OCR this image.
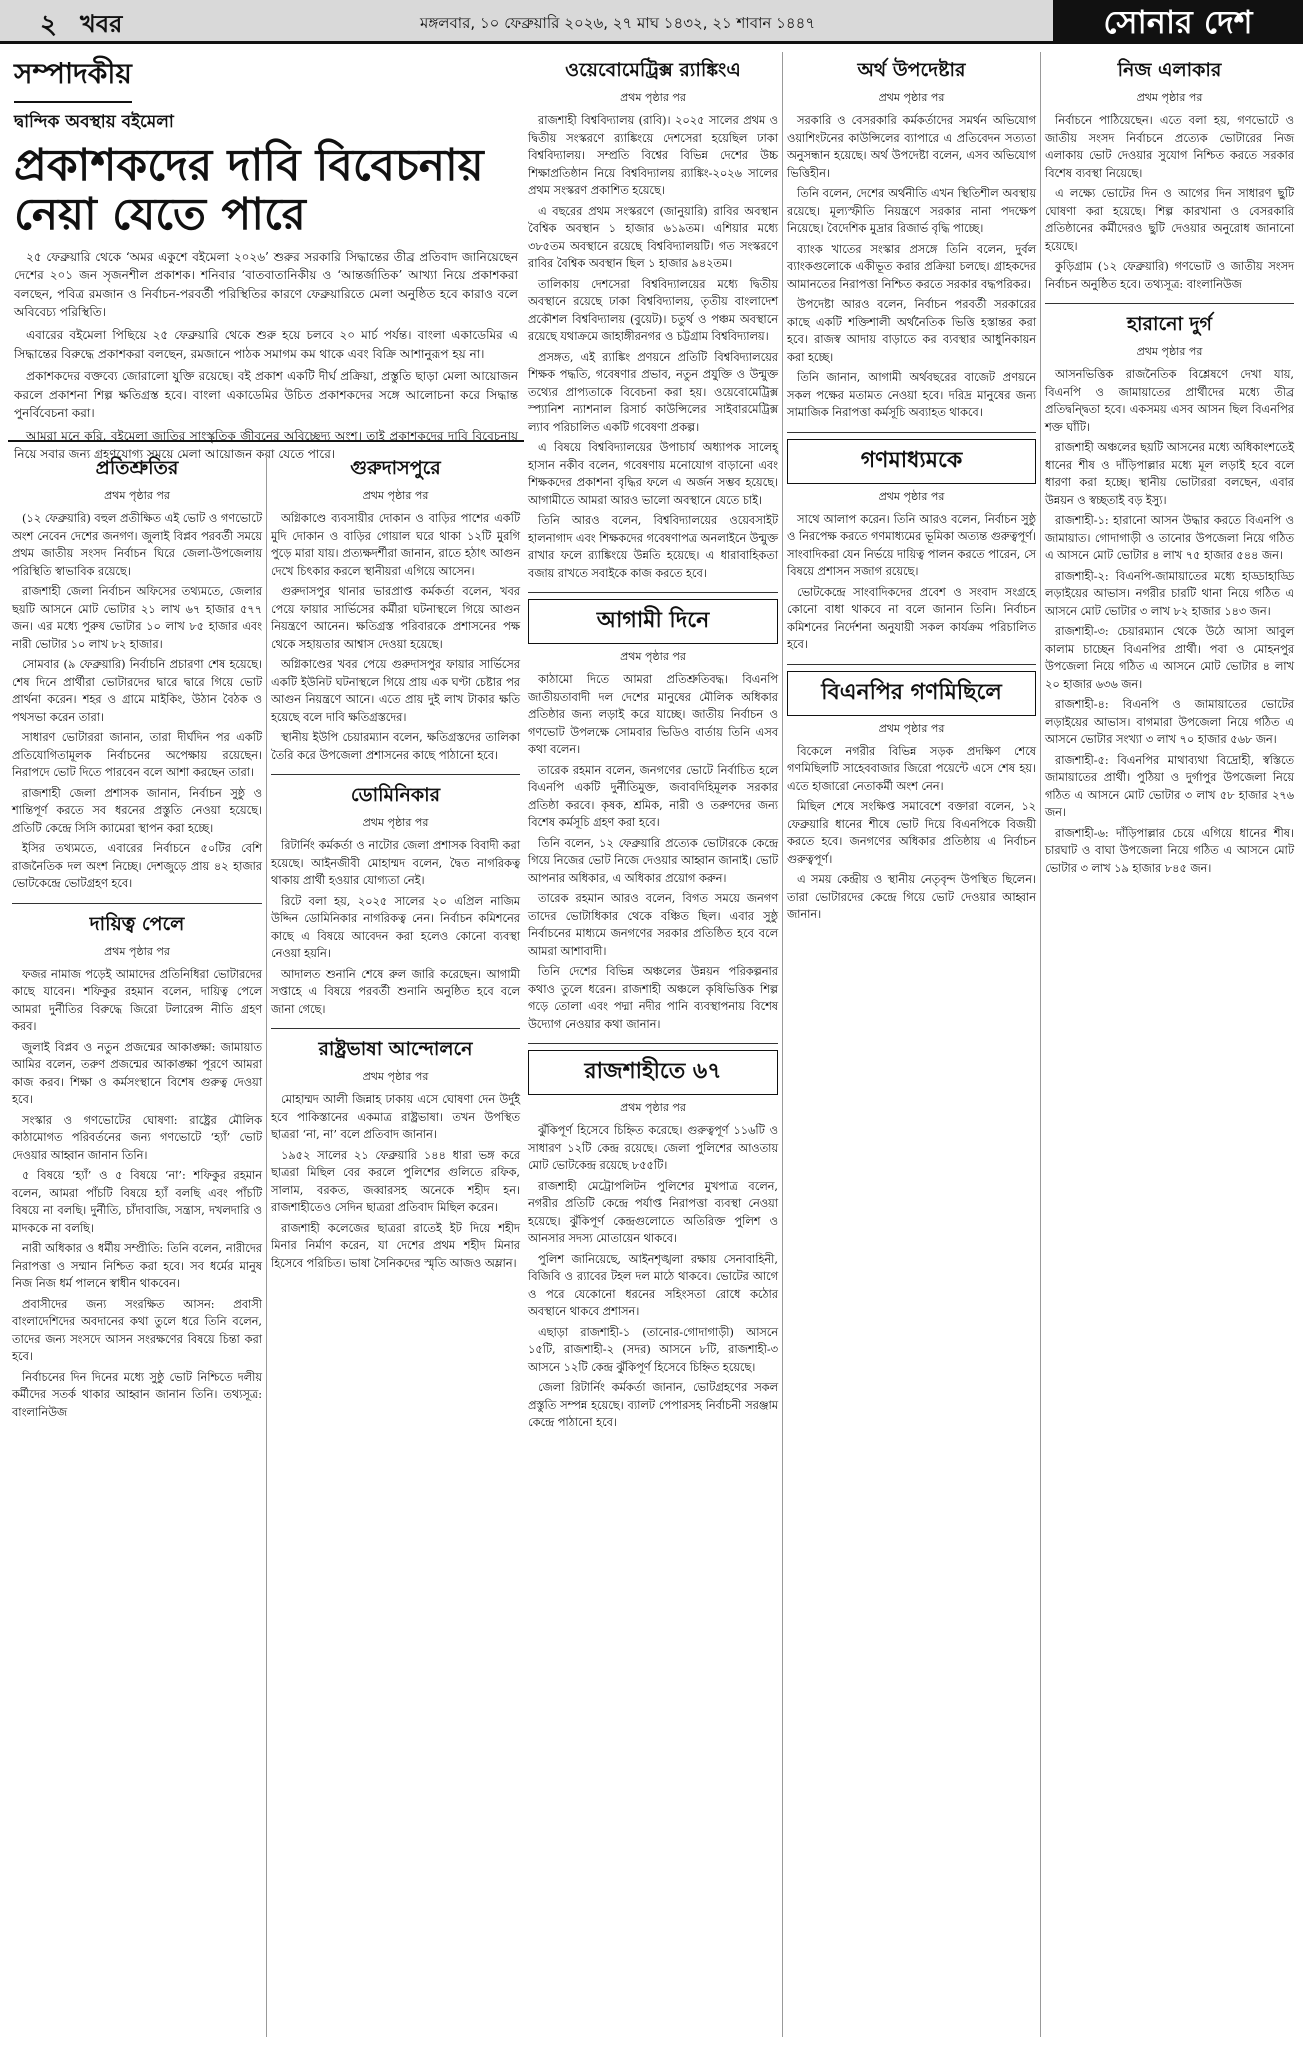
২ খবর	মঙ্গলবার, ১০ ফেব্রুয়ারি ২০২৬, ২৭ মাঘ ১৪৩২, ২১ শাবান ১৪৪৭	সোনার দেশ
সম্পাদকীয়
দ্বান্দিক অবস্থায় বইমেলা
প্রকাশকদের দাবি বিবেচনায় নেয়া যেতে পারে

২৫ ফেব্রুয়ারি থেকে ‘অমর একুশে বইমেলা ২০২৬’ শুরুর সরকারি সিদ্ধান্তের তীব্র প্রতিবাদ জানিয়েছেন দেশের ২০১ জন সৃজনশীল প্রকাশক। শনিবার ‘বাতবাতানিকীয় ও ‘আন্তর্জাতিক’ আখ্যা নিয়ে প্রকাশকরা বলছেন, পবিত্র রমজান ও নির্বাচন-পরবর্তী পরিস্থিতির কারণে ফেব্রুয়ারিতে মেলা অনুষ্ঠিত হবে কারাও বলে অবিবেচ্য পরিস্থিতি।

এবারের বইমেলা পিছিয়ে ২৫ ফেব্রুয়ারি থেকে শুরু হয়ে চলবে ২০ মার্চ পর্যন্ত। বাংলা একাডেমির এ সিদ্ধান্তের বিরুদ্ধে প্রকাশকরা বলছেন, রমজানে পাঠক সমাগম কম থাকে এবং বিক্রি আশানুরূপ হয় না।

প্রকাশকদের বক্তব্যে জোরালো যুক্তি রয়েছে। বই প্রকাশ একটি দীর্ঘ প্রক্রিয়া, প্রস্তুতি ছাড়া মেলা আয়োজন করলে প্রকাশনা শিল্প ক্ষতিগ্রস্ত হবে। বাংলা একাডেমির উচিত প্রকাশকদের সঙ্গে আলোচনা করে সিদ্ধান্ত পুনর্বিবেচনা করা।

আমরা মনে করি, বইমেলা জাতির সাংস্কৃতিক জীবনের অবিচ্ছেদ্য অংশ। তাই প্রকাশকদের দাবি বিবেচনায় নিয়ে সবার জন্য গ্রহণযোগ্য সময়ে মেলা আয়োজন করা যেতে পারে।

প্রতিশ্রুতির
প্রথম পৃষ্ঠার পর

(১২ ফেব্রুয়ারি) বহুল প্রতীক্ষিত এই ভোট ও গণভোটে অংশ নেবেন দেশের জনগণ। জুলাই বিপ্লব পরবর্তী সময়ে প্রথম জাতীয় সংসদ নির্বাচন ঘিরে জেলা-উপজেলায় পরিস্থিতি স্বাভাবিক রয়েছে।

রাজশাহী জেলা নির্বাচন অফিসের তথ্যমতে, জেলার ছয়টি আসনে মোট ভোটার ২১ লাখ ৬৭ হাজার ৫৭৭ জন। এর মধ্যে পুরুষ ভোটার ১০ লাখ ৮৫ হাজার এবং নারী ভোটার ১০ লাখ ৮২ হাজার।

সোমবার (৯ ফেব্রুয়ারি) নির্বাচনি প্রচারণা শেষ হয়েছে। শেষ দিনে প্রার্থীরা ভোটারদের দ্বারে দ্বারে গিয়ে ভোট প্রার্থনা করেন। শহর ও গ্রামে মাইকিং, উঠান বৈঠক ও পথসভা করেন তারা।

সাধারণ ভোটাররা জানান, তারা দীর্ঘদিন পর একটি প্রতিযোগিতামূলক নির্বাচনের অপেক্ষায় রয়েছেন। নিরাপদে ভোট দিতে পারবেন বলে আশা করছেন তারা।

রাজশাহী জেলা প্রশাসক জানান, নির্বাচন সুষ্ঠু ও শান্তিপূর্ণ করতে সব ধরনের প্রস্তুতি নেওয়া হয়েছে। প্রতিটি কেন্দ্রে সিসি ক্যামেরা স্থাপন করা হচ্ছে।

ইসির তথ্যমতে, এবারের নির্বাচনে ৫০টির বেশি রাজনৈতিক দল অংশ নিচ্ছে। দেশজুড়ে প্রায় ৪২ হাজার ভোটকেন্দ্রে ভোটগ্রহণ হবে।

দায়িত্ব পেলে
প্রথম পৃষ্ঠার পর

ফজর নামাজ পড়েই আমাদের প্রতিনিধিরা ভোটারদের কাছে যাবেন। শফিকুর রহমান বলেন, দায়িত্ব পেলে আমরা দুর্নীতির বিরুদ্ধে জিরো টলারেন্স নীতি গ্রহণ করব।

জুলাই বিপ্লব ও নতুন প্রজন্মের আকাঙ্ক্ষা: জামায়াত আমির বলেন, তরুণ প্রজন্মের আকাঙ্ক্ষা পূরণে আমরা কাজ করব। শিক্ষা ও কর্মসংস্থানে বিশেষ গুরুত্ব দেওয়া হবে।

সংস্কার ও গণভোটের ঘোষণা: রাষ্ট্রের মৌলিক কাঠামোগত পরিবর্তনের জন্য গণভোটে ‘হ্যাঁ’ ভোট দেওয়ার আহ্বান জানান তিনি।

৫ বিষয়ে ‘হ্যাঁ’ ও ৫ বিষয়ে ‘না’: শফিকুর রহমান বলেন, আমরা পাঁচটি বিষয়ে হ্যাঁ বলছি এবং পাঁচটি বিষয়ে না বলছি। দুর্নীতি, চাঁদাবাজি, সন্ত্রাস, দখলদারি ও মাদককে না বলছি।

নারী অধিকার ও ধর্মীয় সম্প্রীতি: তিনি বলেন, নারীদের নিরাপত্তা ও সম্মান নিশ্চিত করা হবে। সব ধর্মের মানুষ নিজ নিজ ধর্ম পালনে স্বাধীন থাকবেন।

প্রবাসীদের জন্য সংরক্ষিত আসন: প্রবাসী বাংলাদেশিদের অবদানের কথা তুলে ধরে তিনি বলেন, তাদের জন্য সংসদে আসন সংরক্ষণের বিষয়ে চিন্তা করা হবে।

নির্বাচনের দিন দিনের মধ্যে সুষ্ঠু ভোট নিশ্চিতে দলীয় কর্মীদের সতর্ক থাকার আহ্বান জানান তিনি। তথ্যসূত্র: বাংলানিউজ

গুরুদাসপুরে
প্রথম পৃষ্ঠার পর

অগ্নিকাণ্ডে ব্যবসায়ীর দোকান ও বাড়ির পাশের একটি মুদি দোকান ও বাড়ির গোয়াল ঘরে থাকা ১২টি মুরগি পুড়ে মারা যায়। প্রত্যক্ষদর্শীরা জানান, রাতে হঠাৎ আগুন দেখে চিৎকার করলে স্থানীয়রা এগিয়ে আসেন।

গুরুদাসপুর থানার ভারপ্রাপ্ত কর্মকর্তা বলেন, খবর পেয়ে ফায়ার সার্ভিসের কর্মীরা ঘটনাস্থলে গিয়ে আগুন নিয়ন্ত্রণে আনেন। ক্ষতিগ্রস্ত পরিবারকে প্রশাসনের পক্ষ থেকে সহায়তার আশ্বাস দেওয়া হয়েছে।

অগ্নিকাণ্ডের খবর পেয়ে গুরুদাসপুর ফায়ার সার্ভিসের একটি ইউনিট ঘটনাস্থলে গিয়ে প্রায় এক ঘণ্টা চেষ্টার পর আগুন নিয়ন্ত্রণে আনে। এতে প্রায় দুই লাখ টাকার ক্ষতি হয়েছে বলে দাবি ক্ষতিগ্রস্তদের।

স্থানীয় ইউপি চেয়ারম্যান বলেন, ক্ষতিগ্রস্তদের তালিকা তৈরি করে উপজেলা প্রশাসনের কাছে পাঠানো হবে।

ডোমিনিকার
প্রথম পৃষ্ঠার পর

রিটার্নিং কর্মকর্তা ও নাটোর জেলা প্রশাসক বিবাদী করা হয়েছে। আইনজীবী মোহাম্মদ বলেন, দ্বৈত নাগরিকত্ব থাকায় প্রার্থী হওয়ার যোগ্যতা নেই।

রিটে বলা হয়, ২০২৫ সালের ২০ এপ্রিল নাজিম উদ্দিন ডোমিনিকার নাগরিকত্ব নেন। নির্বাচন কমিশনের কাছে এ বিষয়ে আবেদন করা হলেও কোনো ব্যবস্থা নেওয়া হয়নি।

আদালত শুনানি শেষে রুল জারি করেছেন। আগামী সপ্তাহে এ বিষয়ে পরবর্তী শুনানি অনুষ্ঠিত হবে বলে জানা গেছে।

রাষ্ট্রভাষা আন্দোলনে
প্রথম পৃষ্ঠার পর

মোহাম্মদ আলী জিন্নাহ ঢাকায় এসে ঘোষণা দেন উর্দুই হবে পাকিস্তানের একমাত্র রাষ্ট্রভাষা। তখন উপস্থিত ছাত্ররা ‘না, না’ বলে প্রতিবাদ জানান।

১৯৫২ সালের ২১ ফেব্রুয়ারি ১৪৪ ধারা ভঙ্গ করে ছাত্ররা মিছিল বের করলে পুলিশের গুলিতে রফিক, সালাম, বরকত, জব্বারসহ অনেকে শহীদ হন। রাজশাহীতেও সেদিন ছাত্ররা প্রতিবাদ মিছিল করেন।

রাজশাহী কলেজের ছাত্ররা রাতেই ইট দিয়ে শহীদ মিনার নির্মাণ করেন, যা দেশের প্রথম শহীদ মিনার হিসেবে পরিচিত। ভাষা সৈনিকদের স্মৃতি আজও অম্লান।

ওয়েবোমেট্রিক্স র‍্যাঙ্কিংএ
প্রথম পৃষ্ঠার পর

রাজশাহী বিশ্ববিদ্যালয় (রাবি)। ২০২৫ সালের প্রথম ও দ্বিতীয় সংস্করণে র‍্যাঙ্কিংয়ে দেশসেরা হয়েছিল ঢাকা বিশ্ববিদ্যালয়। সম্প্রতি বিশ্বের বিভিন্ন দেশের উচ্চ শিক্ষাপ্রতিষ্ঠান নিয়ে বিশ্ববিদ্যালয় র‍্যাঙ্কিং-২০২৬ সালের প্রথম সংস্করণ প্রকাশিত হয়েছে।

এ বছরের প্রথম সংস্করণে (জানুয়ারি) রাবির অবস্থান বৈশ্বিক অবস্থান ১ হাজার ৬১৯তম। এশিয়ার মধ্যে ৩৮৫তম অবস্থানে রয়েছে বিশ্ববিদ্যালয়টি। গত সংস্করণে রাবির বৈশ্বিক অবস্থান ছিল ১ হাজার ৯৪২তম।

তালিকায় দেশসেরা বিশ্ববিদ্যালয়ের মধ্যে দ্বিতীয় অবস্থানে রয়েছে ঢাকা বিশ্ববিদ্যালয়, তৃতীয় বাংলাদেশ প্রকৌশল বিশ্ববিদ্যালয় (বুয়েট)। চতুর্থ ও পঞ্চম অবস্থানে রয়েছে যথাক্রমে জাহাঙ্গীরনগর ও চট্টগ্রাম বিশ্ববিদ্যালয়।

প্রসঙ্গত, এই র‍্যাঙ্কিং প্রণয়নে প্রতিটি বিশ্ববিদ্যালয়ের শিক্ষক পদ্ধতি, গবেষণার প্রভাব, নতুন প্রযুক্তি ও উন্মুক্ত তথ্যের প্রাপ্যতাকে বিবেচনা করা হয়। ওয়েবোমেট্রিক্স স্প্যানিশ ন্যাশনাল রিসার্চ কাউন্সিলের সাইবারমেট্রিক্স ল্যাব পরিচালিত একটি গবেষণা প্রকল্প।

এ বিষয়ে বিশ্ববিদ্যালয়ের উপাচার্য অধ্যাপক সালেহ্ হাসান নকীব বলেন, গবেষণায় মনোযোগ বাড়ানো এবং শিক্ষকদের প্রকাশনা বৃদ্ধির ফলে এ অর্জন সম্ভব হয়েছে। আগামীতে আমরা আরও ভালো অবস্থানে যেতে চাই।

তিনি আরও বলেন, বিশ্ববিদ্যালয়ের ওয়েবসাইট হালনাগাদ এবং শিক্ষকদের গবেষণাপত্র অনলাইনে উন্মুক্ত রাখার ফলে র‍্যাঙ্কিংয়ে উন্নতি হয়েছে। এ ধারাবাহিকতা বজায় রাখতে সবাইকে কাজ করতে হবে।

আগামী দিনে
প্রথম পৃষ্ঠার পর

কাঠামো দিতে আমরা প্রতিশ্রুতিবদ্ধ। বিএনপি জাতীয়তাবাদী দল দেশের মানুষের মৌলিক অধিকার প্রতিষ্ঠার জন্য লড়াই করে যাচ্ছে। জাতীয় নির্বাচন ও গণভোট উপলক্ষে সোমবার ভিডিও বার্তায় তিনি এসব কথা বলেন।

তারেক রহমান বলেন, জনগণের ভোটে নির্বাচিত হলে বিএনপি একটি দুর্নীতিমুক্ত, জবাবদিহিমূলক সরকার প্রতিষ্ঠা করবে। কৃষক, শ্রমিক, নারী ও তরুণদের জন্য বিশেষ কর্মসূচি গ্রহণ করা হবে।

তিনি বলেন, ১২ ফেব্রুয়ারি প্রত্যেক ভোটারকে কেন্দ্রে গিয়ে নিজের ভোট নিজে দেওয়ার আহ্বান জানাই। ভোট আপনার অধিকার, এ অধিকার প্রয়োগ করুন।

তারেক রহমান আরও বলেন, বিগত সময়ে জনগণ তাদের ভোটাধিকার থেকে বঞ্চিত ছিল। এবার সুষ্ঠু নির্বাচনের মাধ্যমে জনগণের সরকার প্রতিষ্ঠিত হবে বলে আমরা আশাবাদী।

তিনি দেশের বিভিন্ন অঞ্চলের উন্নয়ন পরিকল্পনার কথাও তুলে ধরেন। রাজশাহী অঞ্চলে কৃষিভিত্তিক শিল্প গড়ে তোলা এবং পদ্মা নদীর পানি ব্যবস্থাপনায় বিশেষ উদ্যোগ নেওয়ার কথা জানান।

রাজশাহীতে ৬৭
প্রথম পৃষ্ঠার পর

ঝুঁকিপূর্ণ হিসেবে চিহ্নিত করেছে। গুরুত্বপূর্ণ ১১৬টি ও সাধারণ ১২টি কেন্দ্র রয়েছে। জেলা পুলিশের আওতায় মোট ভোটকেন্দ্র রয়েছে ৮৫৫টি।

রাজশাহী মেট্রোপলিটন পুলিশের মুখপাত্র বলেন, নগরীর প্রতিটি কেন্দ্রে পর্যাপ্ত নিরাপত্তা ব্যবস্থা নেওয়া হয়েছে। ঝুঁকিপূর্ণ কেন্দ্রগুলোতে অতিরিক্ত পুলিশ ও আনসার সদস্য মোতায়েন থাকবে।

পুলিশ জানিয়েছে, আইনশৃঙ্খলা রক্ষায় সেনাবাহিনী, বিজিবি ও র‍্যাবের টহল দল মাঠে থাকবে। ভোটের আগে ও পরে যেকোনো ধরনের সহিংসতা রোধে কঠোর অবস্থানে থাকবে প্রশাসন।

এছাড়া রাজশাহী-১ (তানোর-গোদাগাড়ী) আসনে ১৫টি, রাজশাহী-২ (সদর) আসনে ৮টি, রাজশাহী-৩ আসনে ১২টি কেন্দ্র ঝুঁকিপূর্ণ হিসেবে চিহ্নিত হয়েছে।

জেলা রিটার্নিং কর্মকর্তা জানান, ভোটগ্রহণের সকল প্রস্তুতি সম্পন্ন হয়েছে। ব্যালট পেপারসহ নির্বাচনী সরঞ্জাম কেন্দ্রে পাঠানো হবে।

অর্থ উপদেষ্টার
প্রথম পৃষ্ঠার পর

সরকারি ও বেসরকারি কর্মকর্তাদের সমর্থন অভিযোগ ওয়াশিংটনের কাউন্সিলের ব্যাপারে এ প্রতিবেদন সত্যতা অনুসন্ধান হয়েছে। অর্থ উপদেষ্টা বলেন, এসব অভিযোগ ভিত্তিহীন।

তিনি বলেন, দেশের অর্থনীতি এখন স্থিতিশীল অবস্থায় রয়েছে। মূল্যস্ফীতি নিয়ন্ত্রণে সরকার নানা পদক্ষেপ নিয়েছে। বৈদেশিক মুদ্রার রিজার্ভ বৃদ্ধি পাচ্ছে।

ব্যাংক খাতের সংস্কার প্রসঙ্গে তিনি বলেন, দুর্বল ব্যাংকগুলোকে একীভূত করার প্রক্রিয়া চলছে। গ্রাহকদের আমানতের নিরাপত্তা নিশ্চিত করতে সরকার বদ্ধপরিকর।

উপদেষ্টা আরও বলেন, নির্বাচন পরবর্তী সরকারের কাছে একটি শক্তিশালী অর্থনৈতিক ভিত্তি হস্তান্তর করা হবে। রাজস্ব আদায় বাড়াতে কর ব্যবস্থার আধুনিকায়ন করা হচ্ছে।

তিনি জানান, আগামী অর্থবছরের বাজেট প্রণয়নে সকল পক্ষের মতামত নেওয়া হবে। দরিদ্র মানুষের জন্য সামাজিক নিরাপত্তা কর্মসূচি অব্যাহত থাকবে।

গণমাধ্যমকে
প্রথম পৃষ্ঠার পর

সাথে আলাপ করেন। তিনি আরও বলেন, নির্বাচন সুষ্ঠু ও নিরপেক্ষ করতে গণমাধ্যমের ভূমিকা অত্যন্ত গুরুত্বপূর্ণ। সাংবাদিকরা যেন নির্ভয়ে দায়িত্ব পালন করতে পারেন, সে বিষয়ে প্রশাসন সজাগ রয়েছে।

ভোটকেন্দ্রে সাংবাদিকদের প্রবেশ ও সংবাদ সংগ্রহে কোনো বাধা থাকবে না বলে জানান তিনি। নির্বাচন কমিশনের নির্দেশনা অনুযায়ী সকল কার্যক্রম পরিচালিত হবে।

বিএনপির গণমিছিলে
প্রথম পৃষ্ঠার পর

বিকেলে নগরীর বিভিন্ন সড়ক প্রদক্ষিণ শেষে গণমিছিলটি সাহেববাজার জিরো পয়েন্টে এসে শেষ হয়। এতে হাজারো নেতাকর্মী অংশ নেন।

মিছিল শেষে সংক্ষিপ্ত সমাবেশে বক্তারা বলেন, ১২ ফেব্রুয়ারি ধানের শীষে ভোট দিয়ে বিএনপিকে বিজয়ী করতে হবে। জনগণের অধিকার প্রতিষ্ঠায় এ নির্বাচন গুরুত্বপূর্ণ।

এ সময় কেন্দ্রীয় ও স্থানীয় নেতৃবৃন্দ উপস্থিত ছিলেন। তারা ভোটারদের কেন্দ্রে গিয়ে ভোট দেওয়ার আহ্বান জানান।

নিজ এলাকার
প্রথম পৃষ্ঠার পর

নির্বাচনে পাঠিয়েছেন। এতে বলা হয়, গণভোটে ও জাতীয় সংসদ নির্বাচনে প্রত্যেক ভোটারের নিজ এলাকায় ভোট দেওয়ার সুযোগ নিশ্চিত করতে সরকার বিশেষ ব্যবস্থা নিয়েছে।

এ লক্ষ্যে ভোটের দিন ও আগের দিন সাধারণ ছুটি ঘোষণা করা হয়েছে। শিল্প কারখানা ও বেসরকারি প্রতিষ্ঠানের কর্মীদেরও ছুটি দেওয়ার অনুরোধ জানানো হয়েছে।

কুড়িগ্রাম (১২ ফেব্রুয়ারি) গণভোট ও জাতীয় সংসদ নির্বাচন অনুষ্ঠিত হবে। তথ্যসূত্র: বাংলানিউজ

হারানো দুর্গ
প্রথম পৃষ্ঠার পর

আসনভিত্তিক রাজনৈতিক বিশ্লেষণে দেখা যায়, বিএনপি ও জামায়াতের প্রার্থীদের মধ্যে তীব্র প্রতিদ্বন্দ্বিতা হবে। একসময় এসব আসন ছিল বিএনপির শক্ত ঘাঁটি।

রাজশাহী অঞ্চলের ছয়টি আসনের মধ্যে অধিকাংশতেই ধানের শীষ ও দাঁড়িপাল্লার মধ্যে মূল লড়াই হবে বলে ধারণা করা হচ্ছে। স্থানীয় ভোটাররা বলছেন, এবার উন্নয়ন ও স্বচ্ছতাই বড় ইস্যু।

রাজশাহী-১: হারানো আসন উদ্ধার করতে বিএনপি ও জামায়াত। গোদাগাড়ী ও তানোর উপজেলা নিয়ে গঠিত এ আসনে মোট ভোটার ৪ লাখ ৭৫ হাজার ৫৪৪ জন।

রাজশাহী-২: বিএনপি-জামায়াতের মধ্যে হাড্ডাহাড্ডি লড়াইয়ের আভাস। নগরীর চারটি থানা নিয়ে গঠিত এ আসনে মোট ভোটার ৩ লাখ ৮২ হাজার ১৪৩ জন।

রাজশাহী-৩: চেয়ারম্যান থেকে উঠে আসা আবুল কালাম চাচ্ছেন বিএনপির প্রার্থী। পবা ও মোহনপুর উপজেলা নিয়ে গঠিত এ আসনে মোট ভোটার ৪ লাখ ২০ হাজার ৬৩৬ জন।

রাজশাহী-৪: বিএনপি ও জামায়াতের ভোটের লড়াইয়ের আভাস। বাগমারা উপজেলা নিয়ে গঠিত এ আসনে ভোটার সংখ্যা ৩ লাখ ৭০ হাজার ৫৬৮ জন।

রাজশাহী-৫: বিএনপির মাথাব্যথা বিদ্রোহী, স্বস্তিতে জামায়াতের প্রার্থী। পুঠিয়া ও দুর্গাপুর উপজেলা নিয়ে গঠিত এ আসনে মোট ভোটার ৩ লাখ ৫৮ হাজার ২৭৬ জন।

রাজশাহী-৬: দাঁড়িপাল্লার চেয়ে এগিয়ে ধানের শীষ। চারঘাট ও বাঘা উপজেলা নিয়ে গঠিত এ আসনে মোট ভোটার ৩ লাখ ১৯ হাজার ৮৪৫ জন।
